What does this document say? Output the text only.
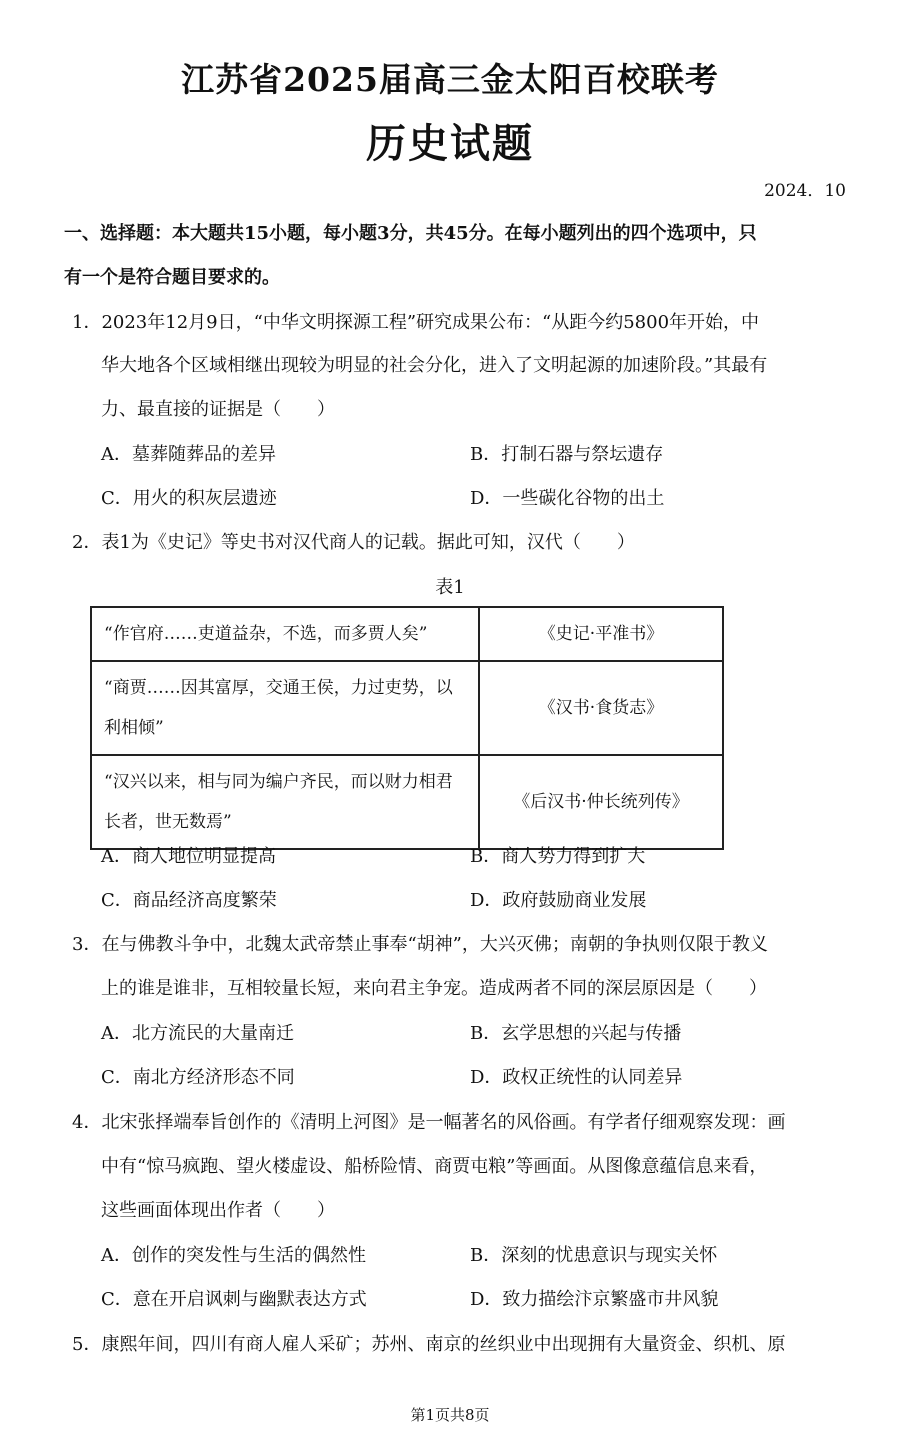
江苏省2025届高三金太阳百校联考
历史试题
2024．10
一、选择题：本大题共15小题，每小题3分，共45分。在每小题列出的四个选项中，只
有一个是符合题目要求的。
1．2023年12月9日，“中华文明探源工程”研究成果公布：“从距今约5800年开始，中
华大地各个区域相继出现较为明显的社会分化，进入了文明起源的加速阶段。”其最有
力、最直接的证据是（　　）
A．墓葬随葬品的差异	B．打制石器与祭坛遗存
C．用火的积灰层遗迹	D．一些碳化谷物的出土
2．表1为《史记》等史书对汉代商人的记载。据此可知，汉代（　　）
表1
“作官府……吏道益杂，不选，而多贾人矣”	《史记·平准书》
“商贾……因其富厚，交通王侯，力过吏势，以利相倾”	《汉书·食货志》
“汉兴以来，相与同为编户齐民，而以财力相君长者，世无数焉”	《后汉书·仲长统列传》
A．商人地位明显提高	B．商人势力得到扩大
C．商品经济高度繁荣	D．政府鼓励商业发展
3．在与佛教斗争中，北魏太武帝禁止事奉“胡神”，大兴灭佛；南朝的争执则仅限于教义
上的谁是谁非，互相较量长短，来向君主争宠。造成两者不同的深层原因是（　　）
A．北方流民的大量南迁	B．玄学思想的兴起与传播
C．南北方经济形态不同	D．政权正统性的认同差异
4．北宋张择端奉旨创作的《清明上河图》是一幅著名的风俗画。有学者仔细观察发现：画
中有“惊马疯跑、望火楼虚设、船桥险情、商贾屯粮”等画面。从图像意蕴信息来看，
这些画面体现出作者（　　）
A．创作的突发性与生活的偶然性	B．深刻的忧患意识与现实关怀
C．意在开启讽刺与幽默表达方式	D．致力描绘汴京繁盛市井风貌
5．康熙年间，四川有商人雇人采矿；苏州、南京的丝织业中出现拥有大量资金、织机、原
第1页共8页
